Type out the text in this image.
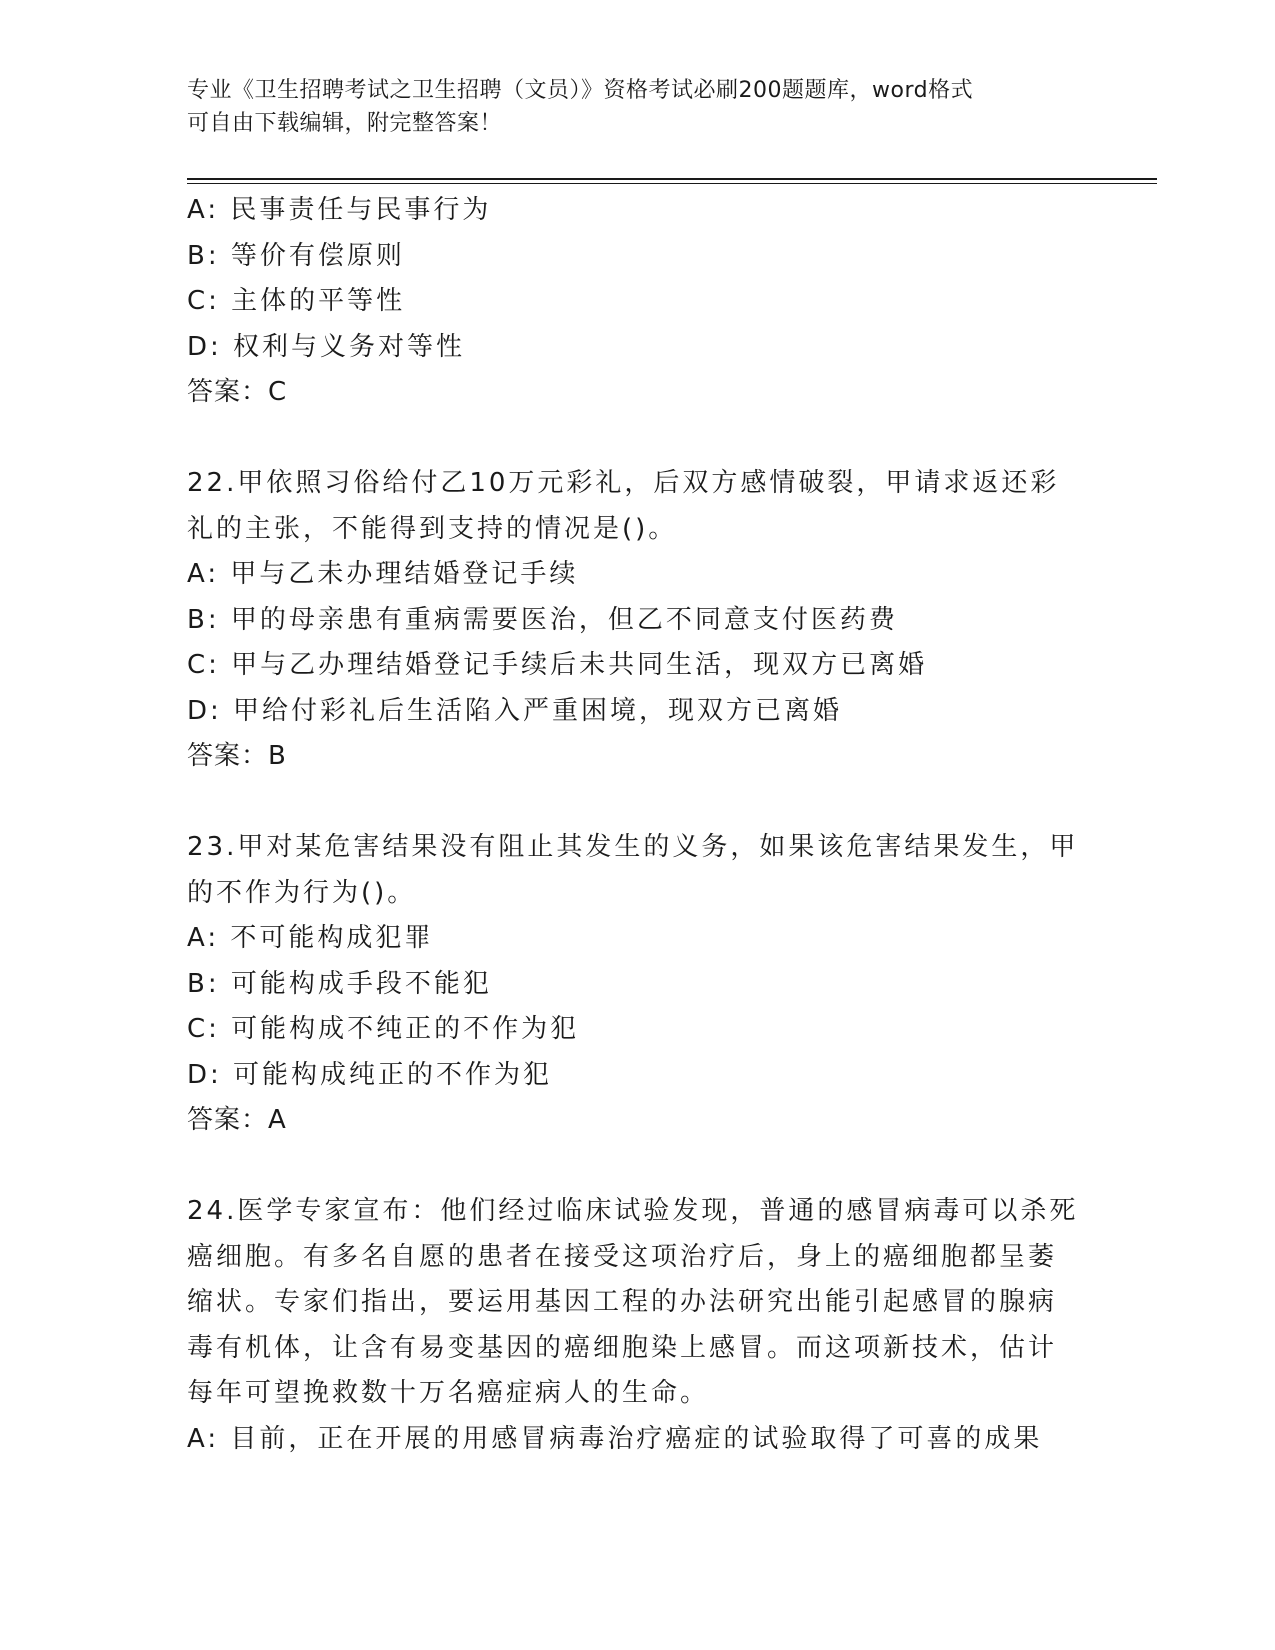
专业《卫生招聘考试之卫生招聘（文员）》资格考试必刷200题题库，word格式
可自由下载编辑，附完整答案！
A: 民事责任与民事行为
B: 等价有偿原则
C: 主体的平等性
D: 权利与义务对等性
答案：C
22.甲依照习俗给付乙10万元彩礼，后双方感情破裂，甲请求返还彩
礼的主张，不能得到支持的情况是()。
A: 甲与乙未办理结婚登记手续
B: 甲的母亲患有重病需要医治，但乙不同意支付医药费
C: 甲与乙办理结婚登记手续后未共同生活，现双方已离婚
D: 甲给付彩礼后生活陷入严重困境，现双方已离婚
答案：B
23.甲对某危害结果没有阻止其发生的义务，如果该危害结果发生，甲
的不作为行为()。
A: 不可能构成犯罪
B: 可能构成手段不能犯
C: 可能构成不纯正的不作为犯
D: 可能构成纯正的不作为犯
答案：A
24.医学专家宣布：他们经过临床试验发现，普通的感冒病毒可以杀死
癌细胞。有多名自愿的患者在接受这项治疗后，身上的癌细胞都呈萎
缩状。专家们指出，要运用基因工程的办法研究出能引起感冒的腺病
毒有机体，让含有易变基因的癌细胞染上感冒。而这项新技术，估计
每年可望挽救数十万名癌症病人的生命。
A: 目前，正在开展的用感冒病毒治疗癌症的试验取得了可喜的成果
